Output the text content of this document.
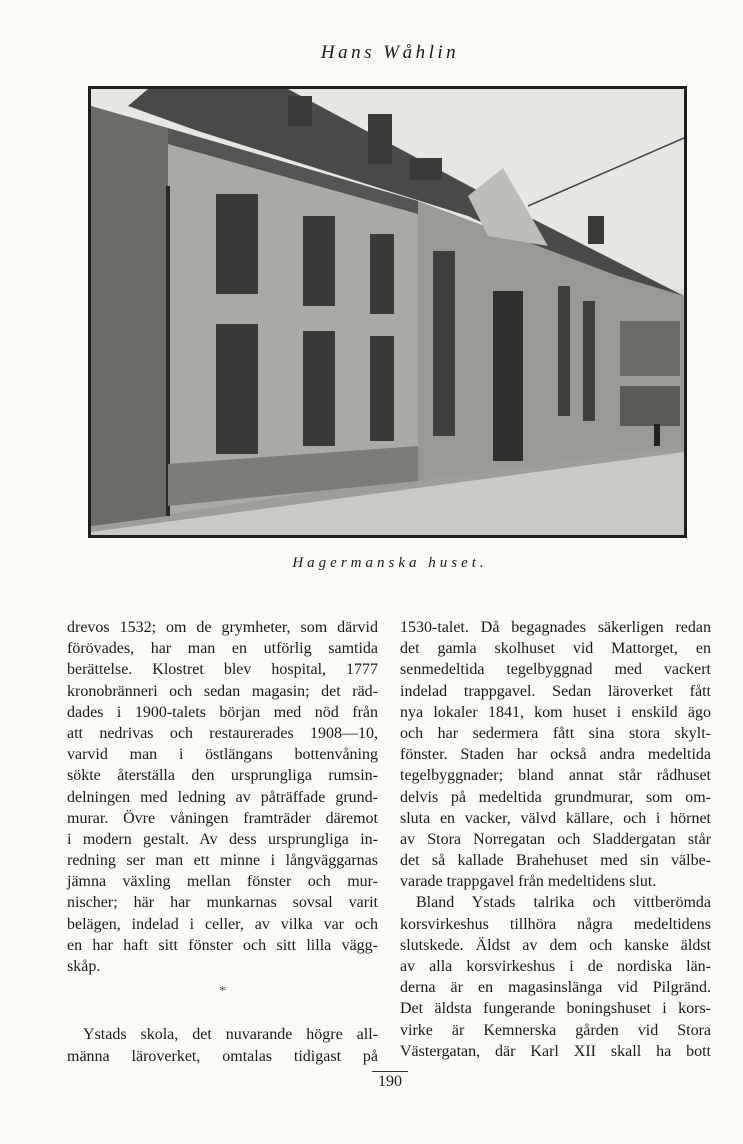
Hans Wåhlin
Hagermanska huset.
drevos 1532; om de grymheter, som därvid
förövades, har man en utförlig samtida
berättelse. Klostret blev hospital, 1777
kronobränneri och sedan magasin; det räd-
dades i 1900-talets början med nöd från
att nedrivas och restaurerades 1908—10,
varvid man i östlängans bottenvåning
sökte återställa den ursprungliga rumsin-
delningen med ledning av påträffade grund-
murar. Övre våningen framträder däremot
i modern gestalt. Av dess ursprungliga in-
redning ser man ett minne i långväggarnas
jämna växling mellan fönster och mur-
nischer; här har munkarnas sovsal varit
belägen, indelad i celler, av vilka var och
en har haft sitt fönster och sitt lilla vägg-
skåp.
*
Ystads skola, det nuvarande högre all-
männa läroverket, omtalas tidigast på
1530-talet. Då begagnades säkerligen redan
det gamla skolhuset vid Mattorget, en
senmedeltida tegelbyggnad med vackert
indelad trappgavel. Sedan läroverket fått
nya lokaler 1841, kom huset i enskild ägo
och har sedermera fått sina stora skylt-
fönster. Staden har också andra medeltida
tegelbyggnader; bland annat står rådhuset
delvis på medeltida grundmurar, som om-
sluta en vacker, välvd källare, och i hörnet
av Stora Norregatan och Sladdergatan står
det så kallade Brahehuset med sin välbe-
varade trappgavel från medeltidens slut.
Bland Ystads talrika och vittberömda
korsvirkeshus tillhöra några medeltidens
slutskede. Äldst av dem och kanske äldst
av alla korsvirkeshus i de nordiska län-
derna är en magasinslänga vid Pilgränd.
Det äldsta fungerande boningshuset i kors-
virke är Kemnerska gården vid Stora
Västergatan, där Karl XII skall ha bott
190
